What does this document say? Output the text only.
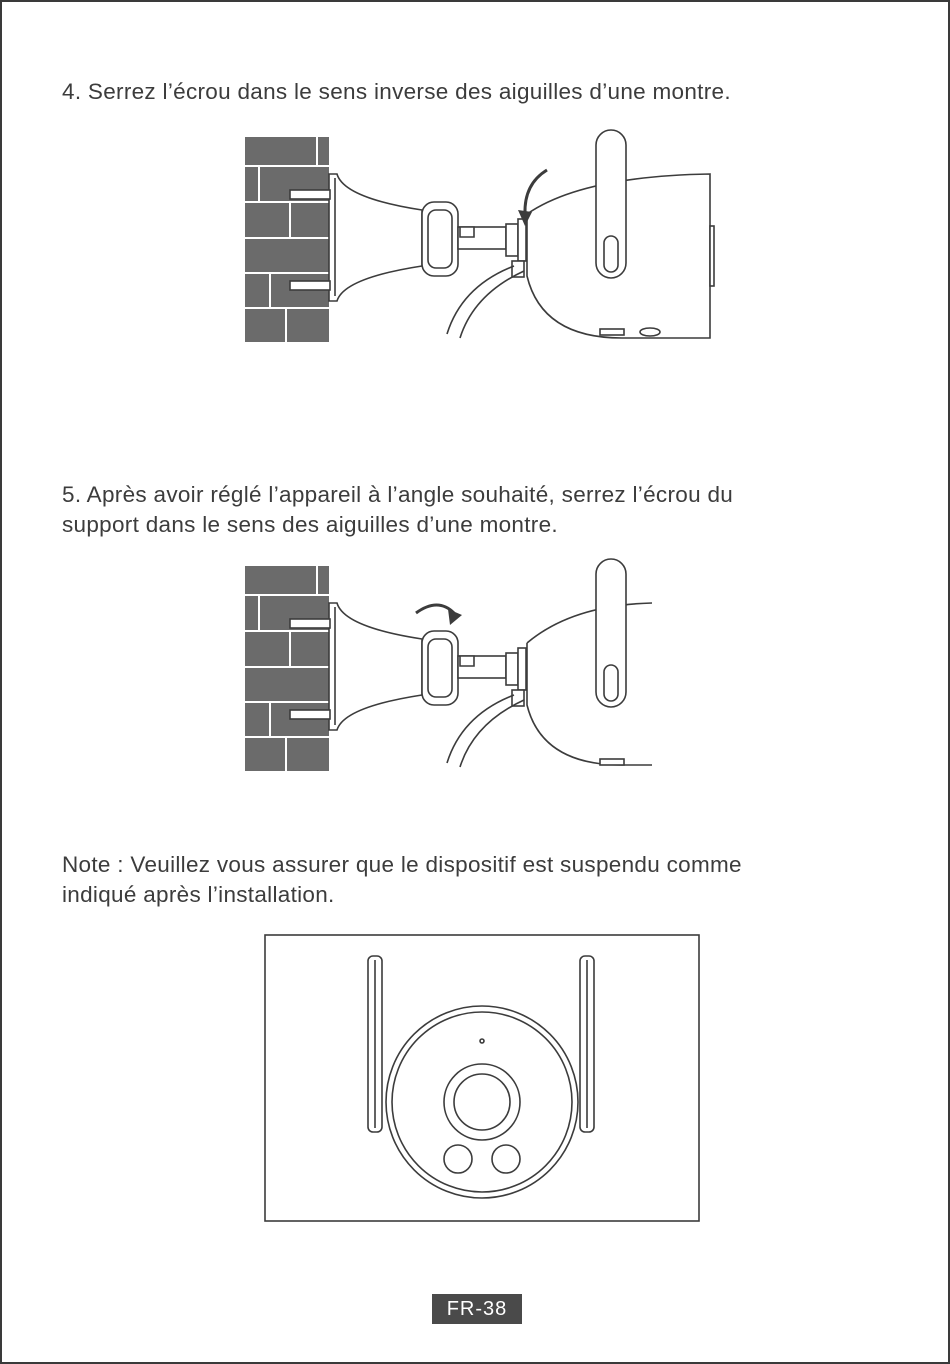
4. Serrez l’écrou dans le sens inverse des aiguilles d’une montre.

5. Après avoir réglé l’appareil à l’angle souhaité, serrez l’écrou du
support dans le sens des aiguilles d’une montre.

Note : Veuillez vous assurer que le dispositif est suspendu comme
indiqué après l’installation.

FR-38
